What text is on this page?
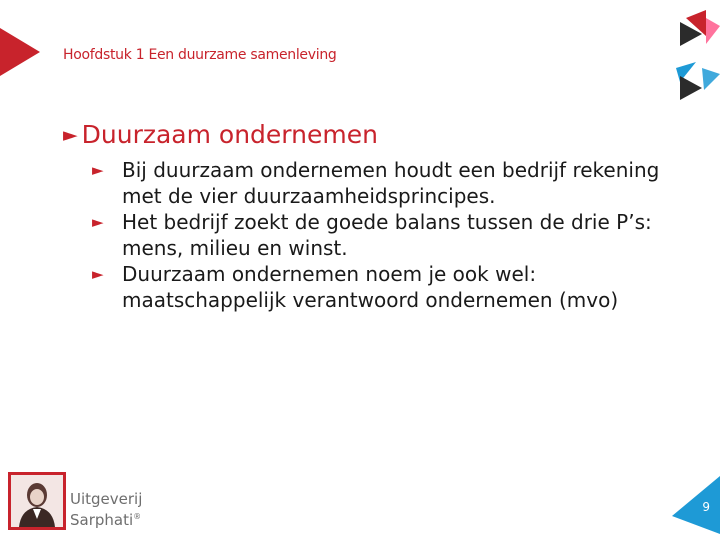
Hoofdstuk 1 Een duurzame samenleving
► Duurzaam ondernemen
► Bij duurzaam ondernemen houdt een bedrijf rekening met de vier duurzaamheidsprincipes.
► Het bedrijf zoekt de goede balans tussen de drie P’s: mens, milieu en winst.
► Duurzaam ondernemen noem je ook wel: maatschappelijk verantwoord ondernemen (mvo)
Uitgeverij
Sarphati®
9
